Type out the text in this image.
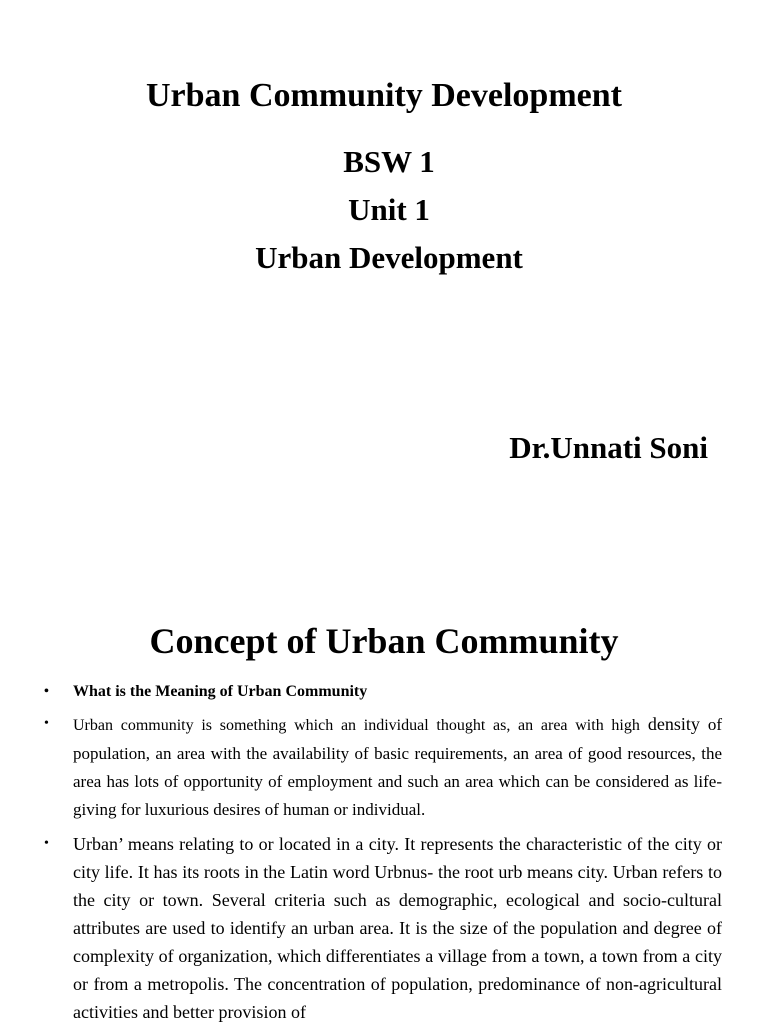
Urban Community Development
BSW 1
Unit 1
Urban Development
Dr.Unnati Soni
Concept of Urban Community
• What is the Meaning of Urban Community
• Urban community is something which an individual thought as, an area with high density of population, an area with the availability of basic requirements, an area of good resources, the area has lots of opportunity of employment and such an area which can be considered as life-giving for luxurious desires of human or individual.
• Urban’ means relating to or located in a city. It represents the characteristic of the city or city life. It has its roots in the Latin word Urbnus- the root urb means city. Urban refers to the city or town. Several criteria such as demographic, ecological and socio-cultural attributes are used to identify an urban area. It is the size of the population and degree of complexity of organization, which differentiates a village from a town, a town from a city or from a metropolis. The concentration of population, predominance of non-agricultural activities and better provision of
